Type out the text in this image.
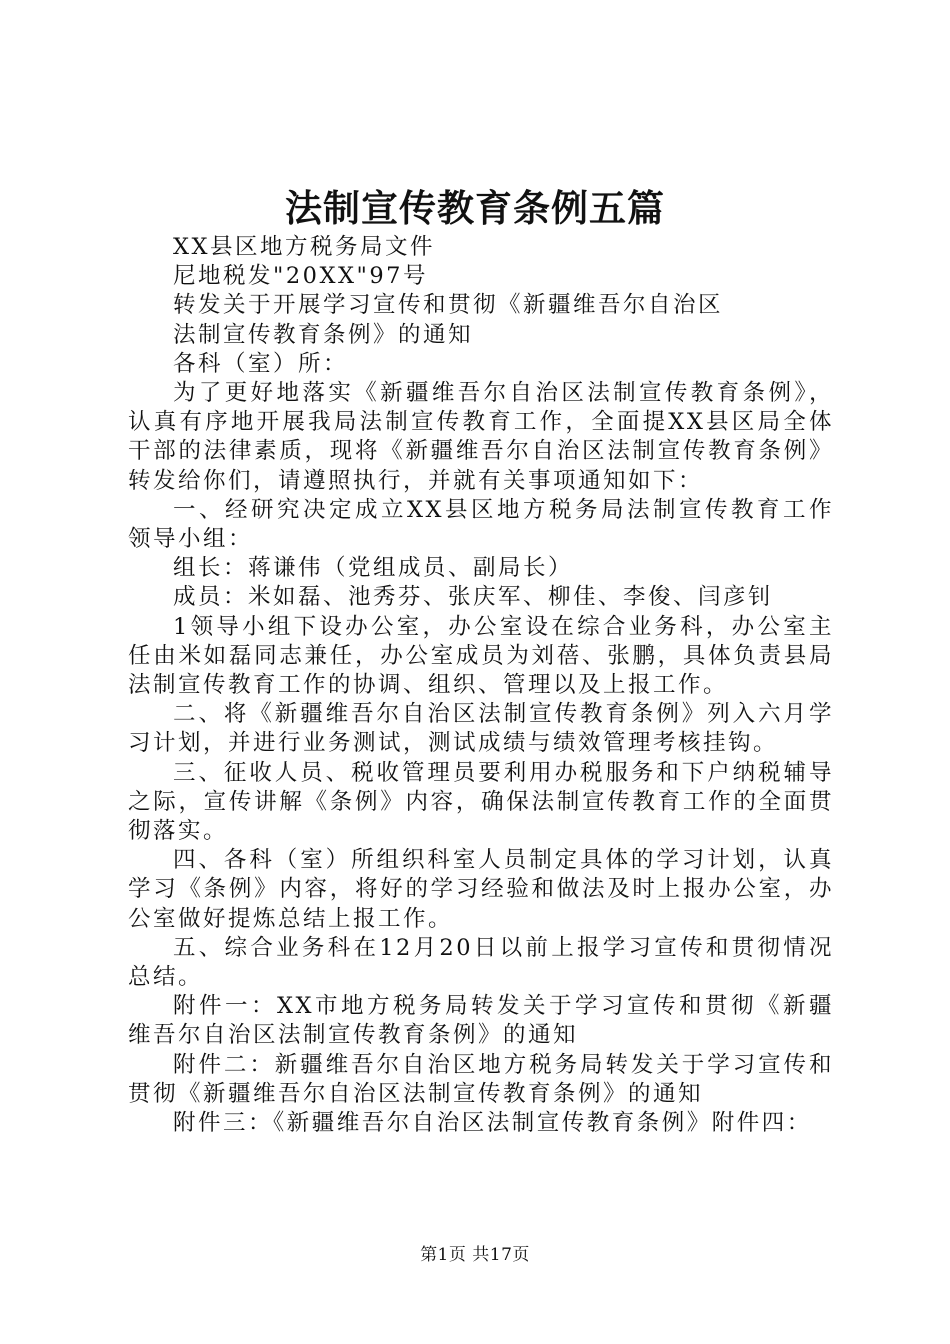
法制宣传教育条例五篇

XX县区地方税务局文件

尼地税发"20XX"97号

转发关于开展学习宣传和贯彻《新疆维吾尔自治区

法制宣传教育条例》的通知

各科（室）所：

为了更好地落实《新疆维吾尔自治区法制宣传教育条例》，认真有序地开展我局法制宣传教育工作，全面提XX县区局全体干部的法律素质，现将《新疆维吾尔自治区法制宣传教育条例》转发给你们，请遵照执行，并就有关事项通知如下：

一、经研究决定成立XX县区地方税务局法制宣传教育工作领导小组：

组长：蒋谦伟（党组成员、副局长）

成员：米如磊、池秀芬、张庆军、柳佳、李俊、闫彦钊

1领导小组下设办公室，办公室设在综合业务科，办公室主任由米如磊同志兼任，办公室成员为刘蓓、张鹏，具体负责县局法制宣传教育工作的协调、组织、管理以及上报工作。

二、将《新疆维吾尔自治区法制宣传教育条例》列入六月学习计划，并进行业务测试，测试成绩与绩效管理考核挂钩。

三、征收人员、税收管理员要利用办税服务和下户纳税辅导之际，宣传讲解《条例》内容，确保法制宣传教育工作的全面贯彻落实。

四、各科（室）所组织科室人员制定具体的学习计划，认真学习《条例》内容，将好的学习经验和做法及时上报办公室，办公室做好提炼总结上报工作。

五、综合业务科在12月20日以前上报学习宣传和贯彻情况总结。

附件一：XX市地方税务局转发关于学习宣传和贯彻《新疆维吾尔自治区法制宣传教育条例》的通知

附件二：新疆维吾尔自治区地方税务局转发关于学习宣传和贯彻《新疆维吾尔自治区法制宣传教育条例》的通知

附件三：《新疆维吾尔自治区法制宣传教育条例》附件四：

第1页 共17页
